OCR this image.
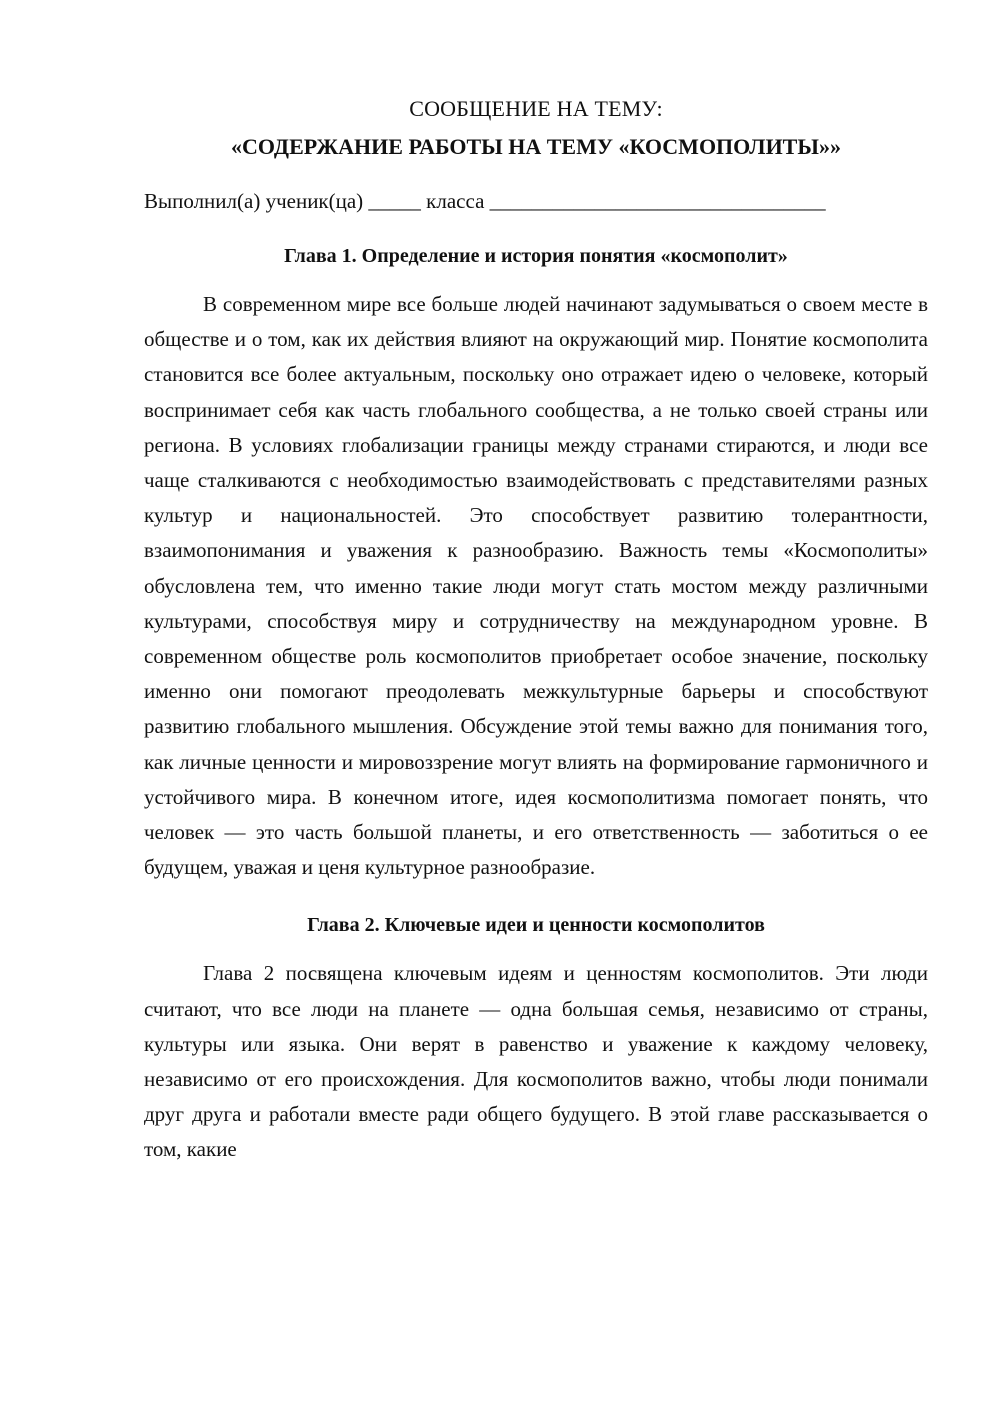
СООБЩЕНИЕ НА ТЕМУ:

«СОДЕРЖАНИЕ РАБОТЫ НА ТЕМУ «КОСМОПОЛИТЫ»»

Выполнил(а) ученик(ца) _____ класса ________________________________
Глава 1. Определение и история понятия «космополит»

В современном мире все больше людей начинают задумываться о своем месте в обществе и о том, как их действия влияют на окружающий мир. Понятие космополита становится все более актуальным, поскольку оно отражает идею о человеке, который воспринимает себя как часть глобального сообщества, а не только своей страны или региона. В условиях глобализации границы между странами стираются, и люди все чаще сталкиваются с необходимостью взаимодействовать с представителями разных культур и национальностей. Это способствует развитию толерантности, взаимопонимания и уважения к разнообразию. Важность темы «Космополиты» обусловлена тем, что именно такие люди могут стать мостом между различными культурами, способствуя миру и сотрудничеству на международном уровне. В современном обществе роль космополитов приобретает особое значение, поскольку именно они помогают преодолевать межкультурные барьеры и способствуют развитию глобального мышления. Обсуждение этой темы важно для понимания того, как личные ценности и мировоззрение могут влиять на формирование гармоничного и устойчивого мира. В конечном итоге, идея космополитизма помогает понять, что человек — это часть большой планеты, и его ответственность — заботиться о ее будущем, уважая и ценя культурное разнообразие.

Глава 2. Ключевые идеи и ценности космополитов

Глава 2 посвящена ключевым идеям и ценностям космополитов. Эти люди считают, что все люди на планете — одна большая семья, независимо от страны, культуры или языка. Они верят в равенство и уважение к каждому человеку, независимо от его происхождения. Для космополитов важно, чтобы люди понимали друг друга и работали вместе ради общего будущего. В этой главе рассказывается о том, какие
